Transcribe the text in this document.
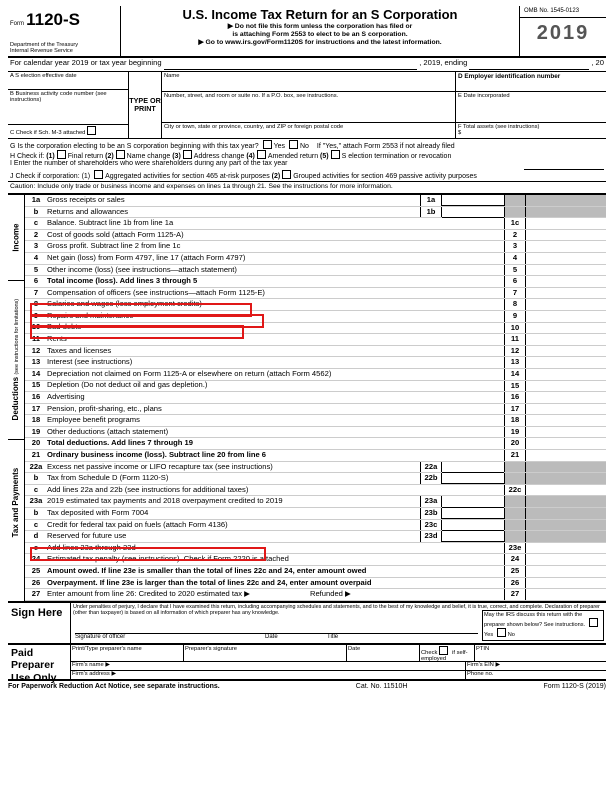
Form 1120-S
Department of the Treasury
Internal Revenue Service
U.S. Income Tax Return for an S Corporation
▶ Do not file this form unless the corporation has filed or
is attaching Form 2553 to elect to be an S corporation.
▶ Go to www.irs.gov/Form1120S for instructions and the latest information.
OMB No. 1545-0123
2019
For calendar year 2019 or tax year beginning	, 2019, ending	, 20
A S election effective date
B Business activity code number (see instructions)
C Check if Sch. M-3 attached
TYPE OR PRINT
Name
Number, street, and room or suite no. If a P.O. box, see instructions.
City or town, state or province, country, and ZIP or foreign postal code
D Employer identification number
E Date incorporated
F Total assets (see instructions)
$
G Is the corporation electing to be an S corporation beginning with this tax year? Yes No If "Yes," attach Form 2553 if not already filed
H Check if: (1) Final return (2) Name change (3) Address change (4) Amended return (5) S election termination or revocation
I Enter the number of shareholders who were shareholders during any part of the tax year
J Check if corporation: (1) Aggregated activities for section 465 at-risk purposes (2) Grouped activities for section 469 passive activity purposes
Caution: Include only trade or business income and expenses on lines 1a through 21. See the instructions for more information.
Income
Deductions (see instructions for limitations)
Tax and Payments
1a Gross receipts or sales	1a
b	Returns and allowances	1b
c	Balance. Subtract line 1b from line 1a	1c
2	Cost of goods sold (attach Form 1125-A)	2
3	Gross profit. Subtract line 2 from line 1c	3
4	Net gain (loss) from Form 4797, line 17 (attach Form 4797)	4
5	Other income (loss) (see instructions—attach statement)	5
6	Total income (loss). Add lines 3 through 5	6
7	Compensation of officers (see instructions—attach Form 1125-E)	7
8	Salaries and wages (less employment credits)	8
9	Repairs and maintenance	9
10 Bad debts	10
11 Rents	11
12 Taxes and licenses	12
13 Interest (see instructions)	13
14 Depreciation not claimed on Form 1125-A or elsewhere on return (attach Form 4562)	14
15 Depletion (Do not deduct oil and gas depletion.)	15
16 Advertising	16
17 Pension, profit-sharing, etc., plans	17
18 Employee benefit programs	18
19 Other deductions (attach statement)	19
20 Total deductions. Add lines 7 through 19	20
21 Ordinary business income (loss). Subtract line 20 from line 6	21
22a Excess net passive income or LIFO recapture tax (see instructions)	22a
b	Tax from Schedule D (Form 1120-S)	22b
c	Add lines 22a and 22b (see instructions for additional taxes)	22c
23a 2019 estimated tax payments and 2018 overpayment credited to 2019	23a
b	Tax deposited with Form 7004	23b
c	Credit for federal tax paid on fuels (attach Form 4136)	23c
d	Reserved for future use	23d
e	Add lines 23a through 23d	23e
24 Estimated tax penalty (see instructions). Check if Form 2220 is attached	24
25 Amount owed. If line 23e is smaller than the total of lines 22c and 24, enter amount owed	25
26 Overpayment. If line 23e is larger than the total of lines 22c and 24, enter amount overpaid	26
27 Enter amount from line 26: Credited to 2020 estimated tax ▶	Refunded ▶	27
Sign Here	Under penalties of perjury, I declare that I have examined this return, including accompanying schedules and statements, and to the best of my knowledge and belief, it is true, correct, and complete. Declaration of preparer (other than taxpayer) is based on all information of which preparer has any knowledge.
Signature of officer	Date	Title
May the IRS discuss this return with the preparer shown below? See instructions. Yes	No
Paid Preparer Use Only
Print/Type preparer's name	Preparer's signature	Date
Check	if self-employed
PTIN
Firm's name ▶	Firm's EIN ▶
Firm's address ▶	Phone no.
For Paperwork Reduction Act Notice, see separate instructions.	Cat. No. 11510H	Form 1120-S (2019)
